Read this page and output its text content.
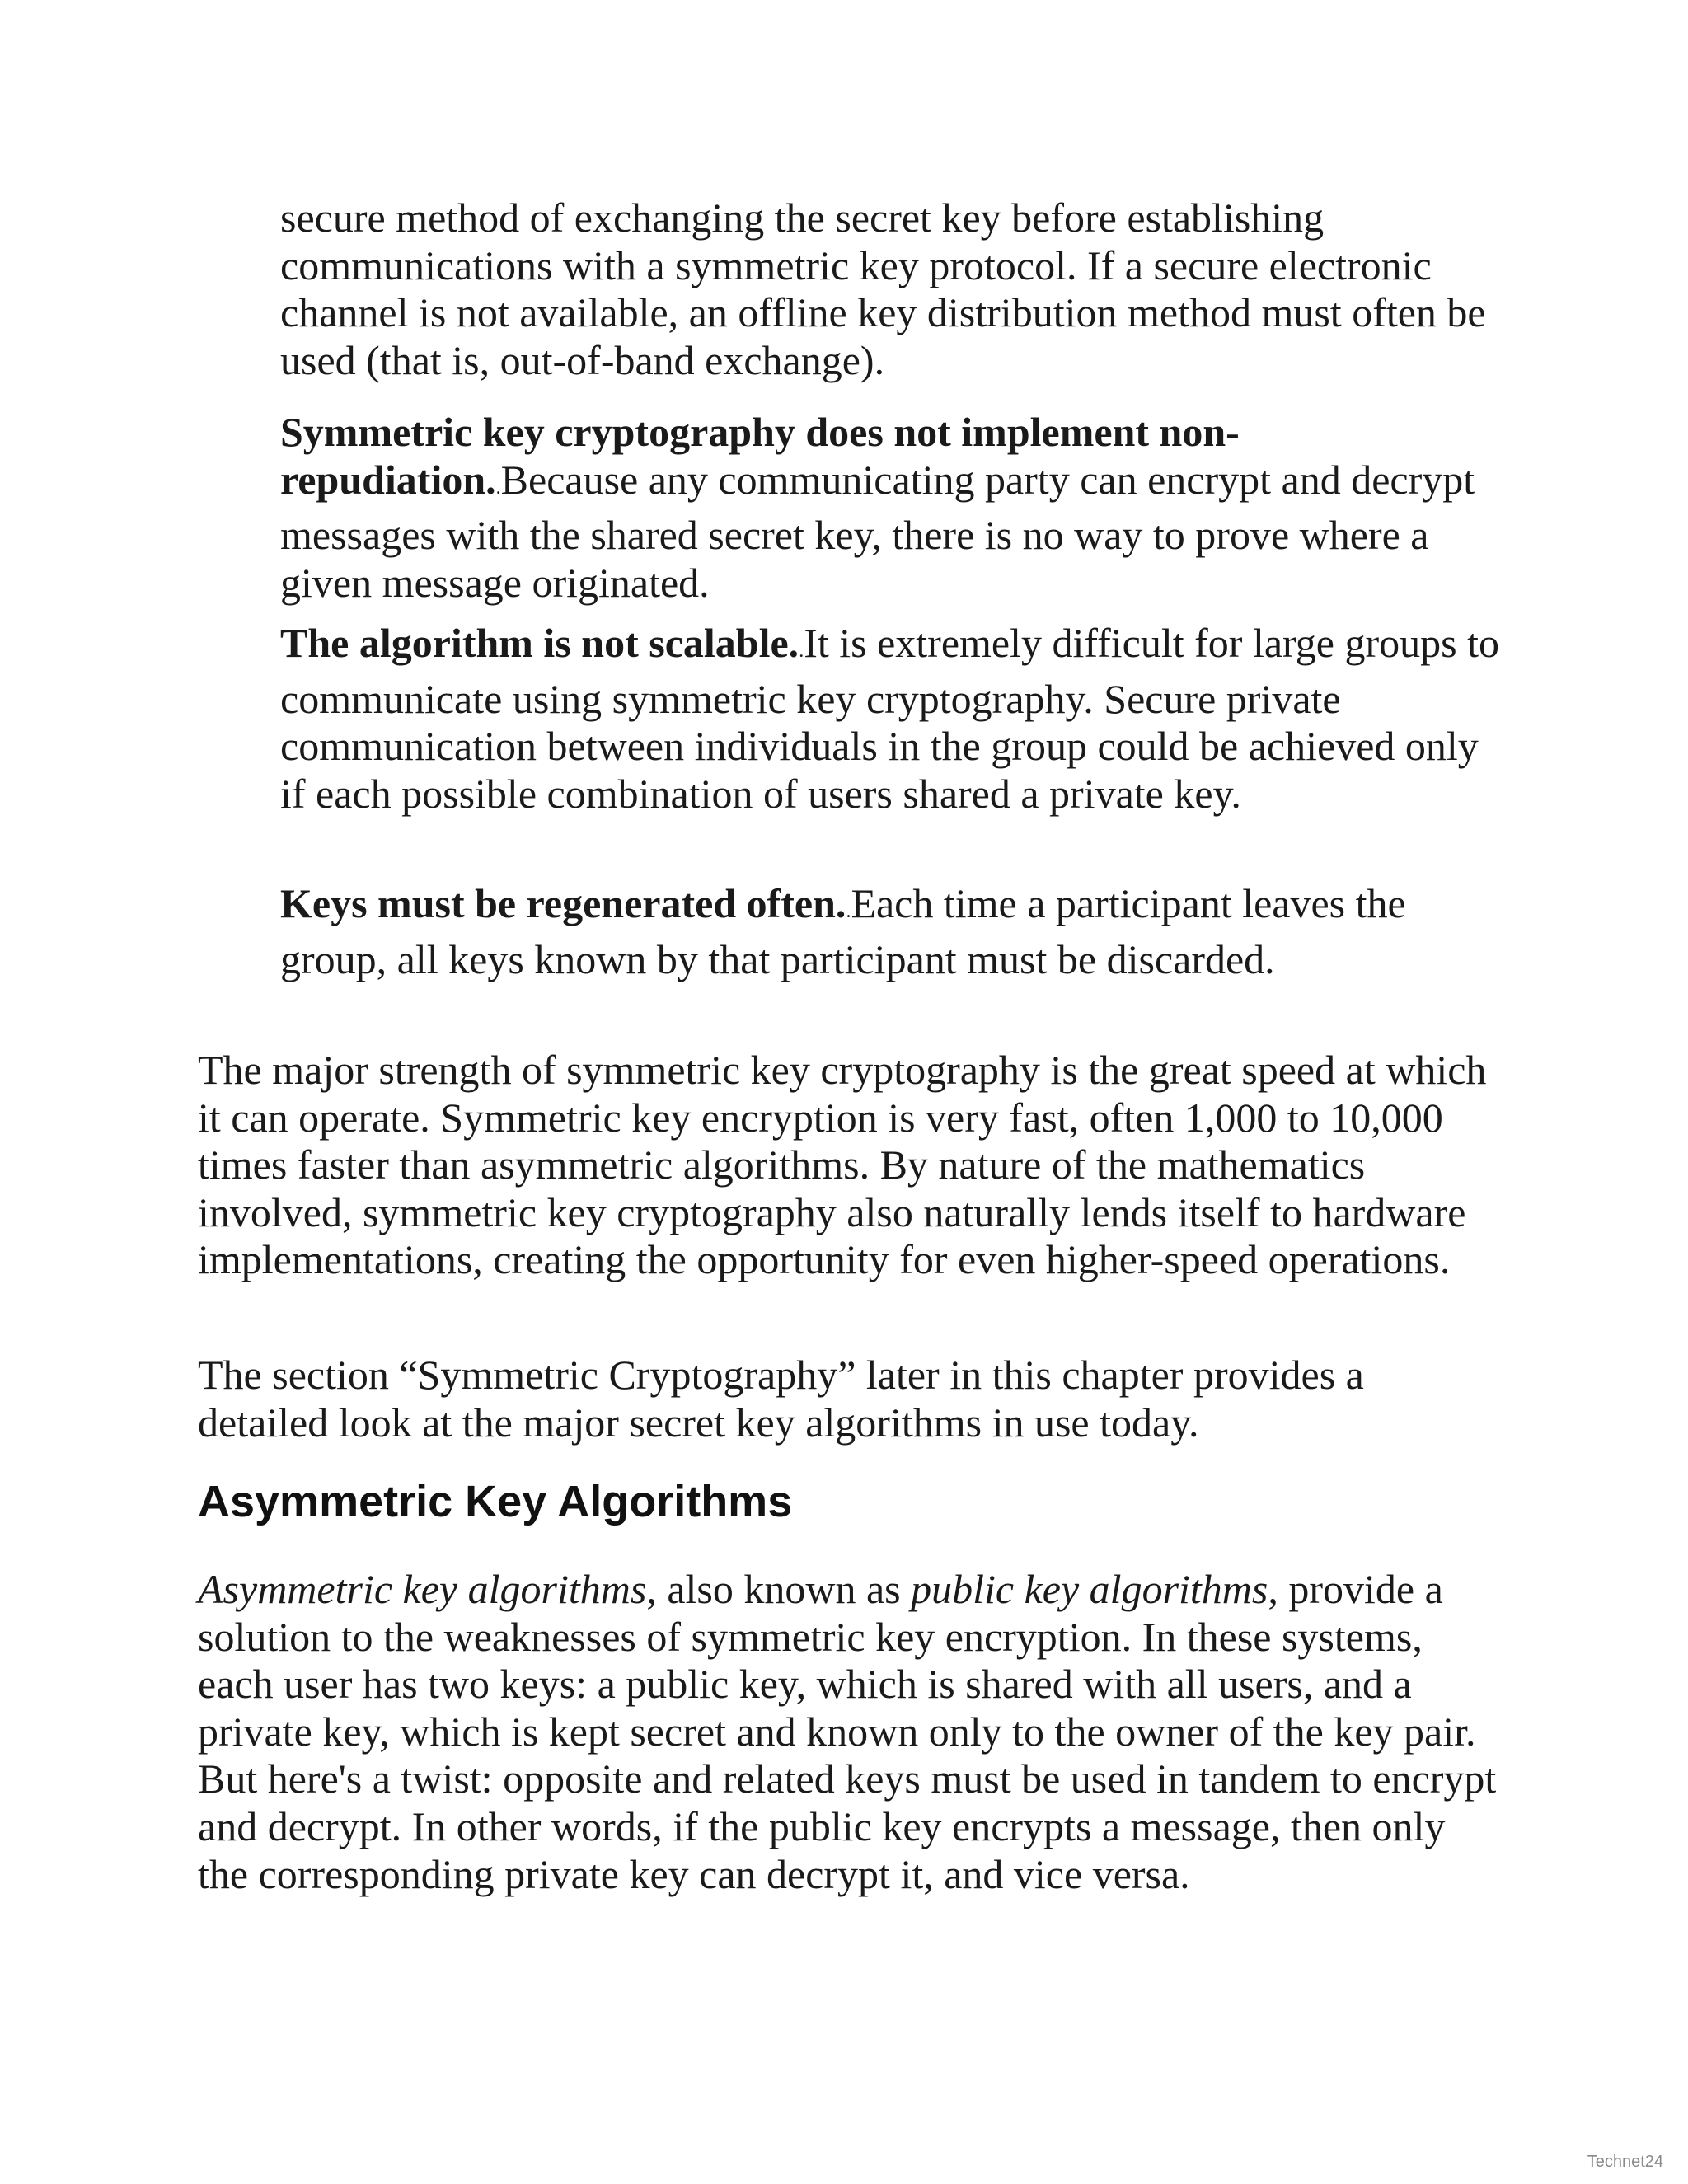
secure method of exchanging the secret key before establishing communications with a symmetric key protocol. If a secure electronic channel is not available, an offline key distribution method must often be used (that is, out-of-band exchange).

Symmetric key cryptography does not implement non-repudiation..Because any communicating party can encrypt and decrypt messages with the shared secret key, there is no way to prove where a given message originated.

The algorithm is not scalable..It is extremely difficult for large groups to communicate using symmetric key cryptography. Secure private communication between individuals in the group could be achieved only if each possible combination of users shared a private key.

Keys must be regenerated often..Each time a participant leaves the group, all keys known by that participant must be discarded.

The major strength of symmetric key cryptography is the great speed at which it can operate. Symmetric key encryption is very fast, often 1,000 to 10,000 times faster than asymmetric algorithms. By nature of the mathematics involved, symmetric key cryptography also naturally lends itself to hardware implementations, creating the opportunity for even higher-speed operations.

The section “Symmetric Cryptography” later in this chapter provides a detailed look at the major secret key algorithms in use today.

Asymmetric Key Algorithms

Asymmetric key algorithms, also known as public key algorithms, provide a solution to the weaknesses of symmetric key encryption. In these systems, each user has two keys: a public key, which is shared with all users, and a private key, which is kept secret and known only to the owner of the key pair. But here's a twist: opposite and related keys must be used in tandem to encrypt and decrypt. In other words, if the public key encrypts a message, then only the corresponding private key can decrypt it, and vice versa.

Technet24
